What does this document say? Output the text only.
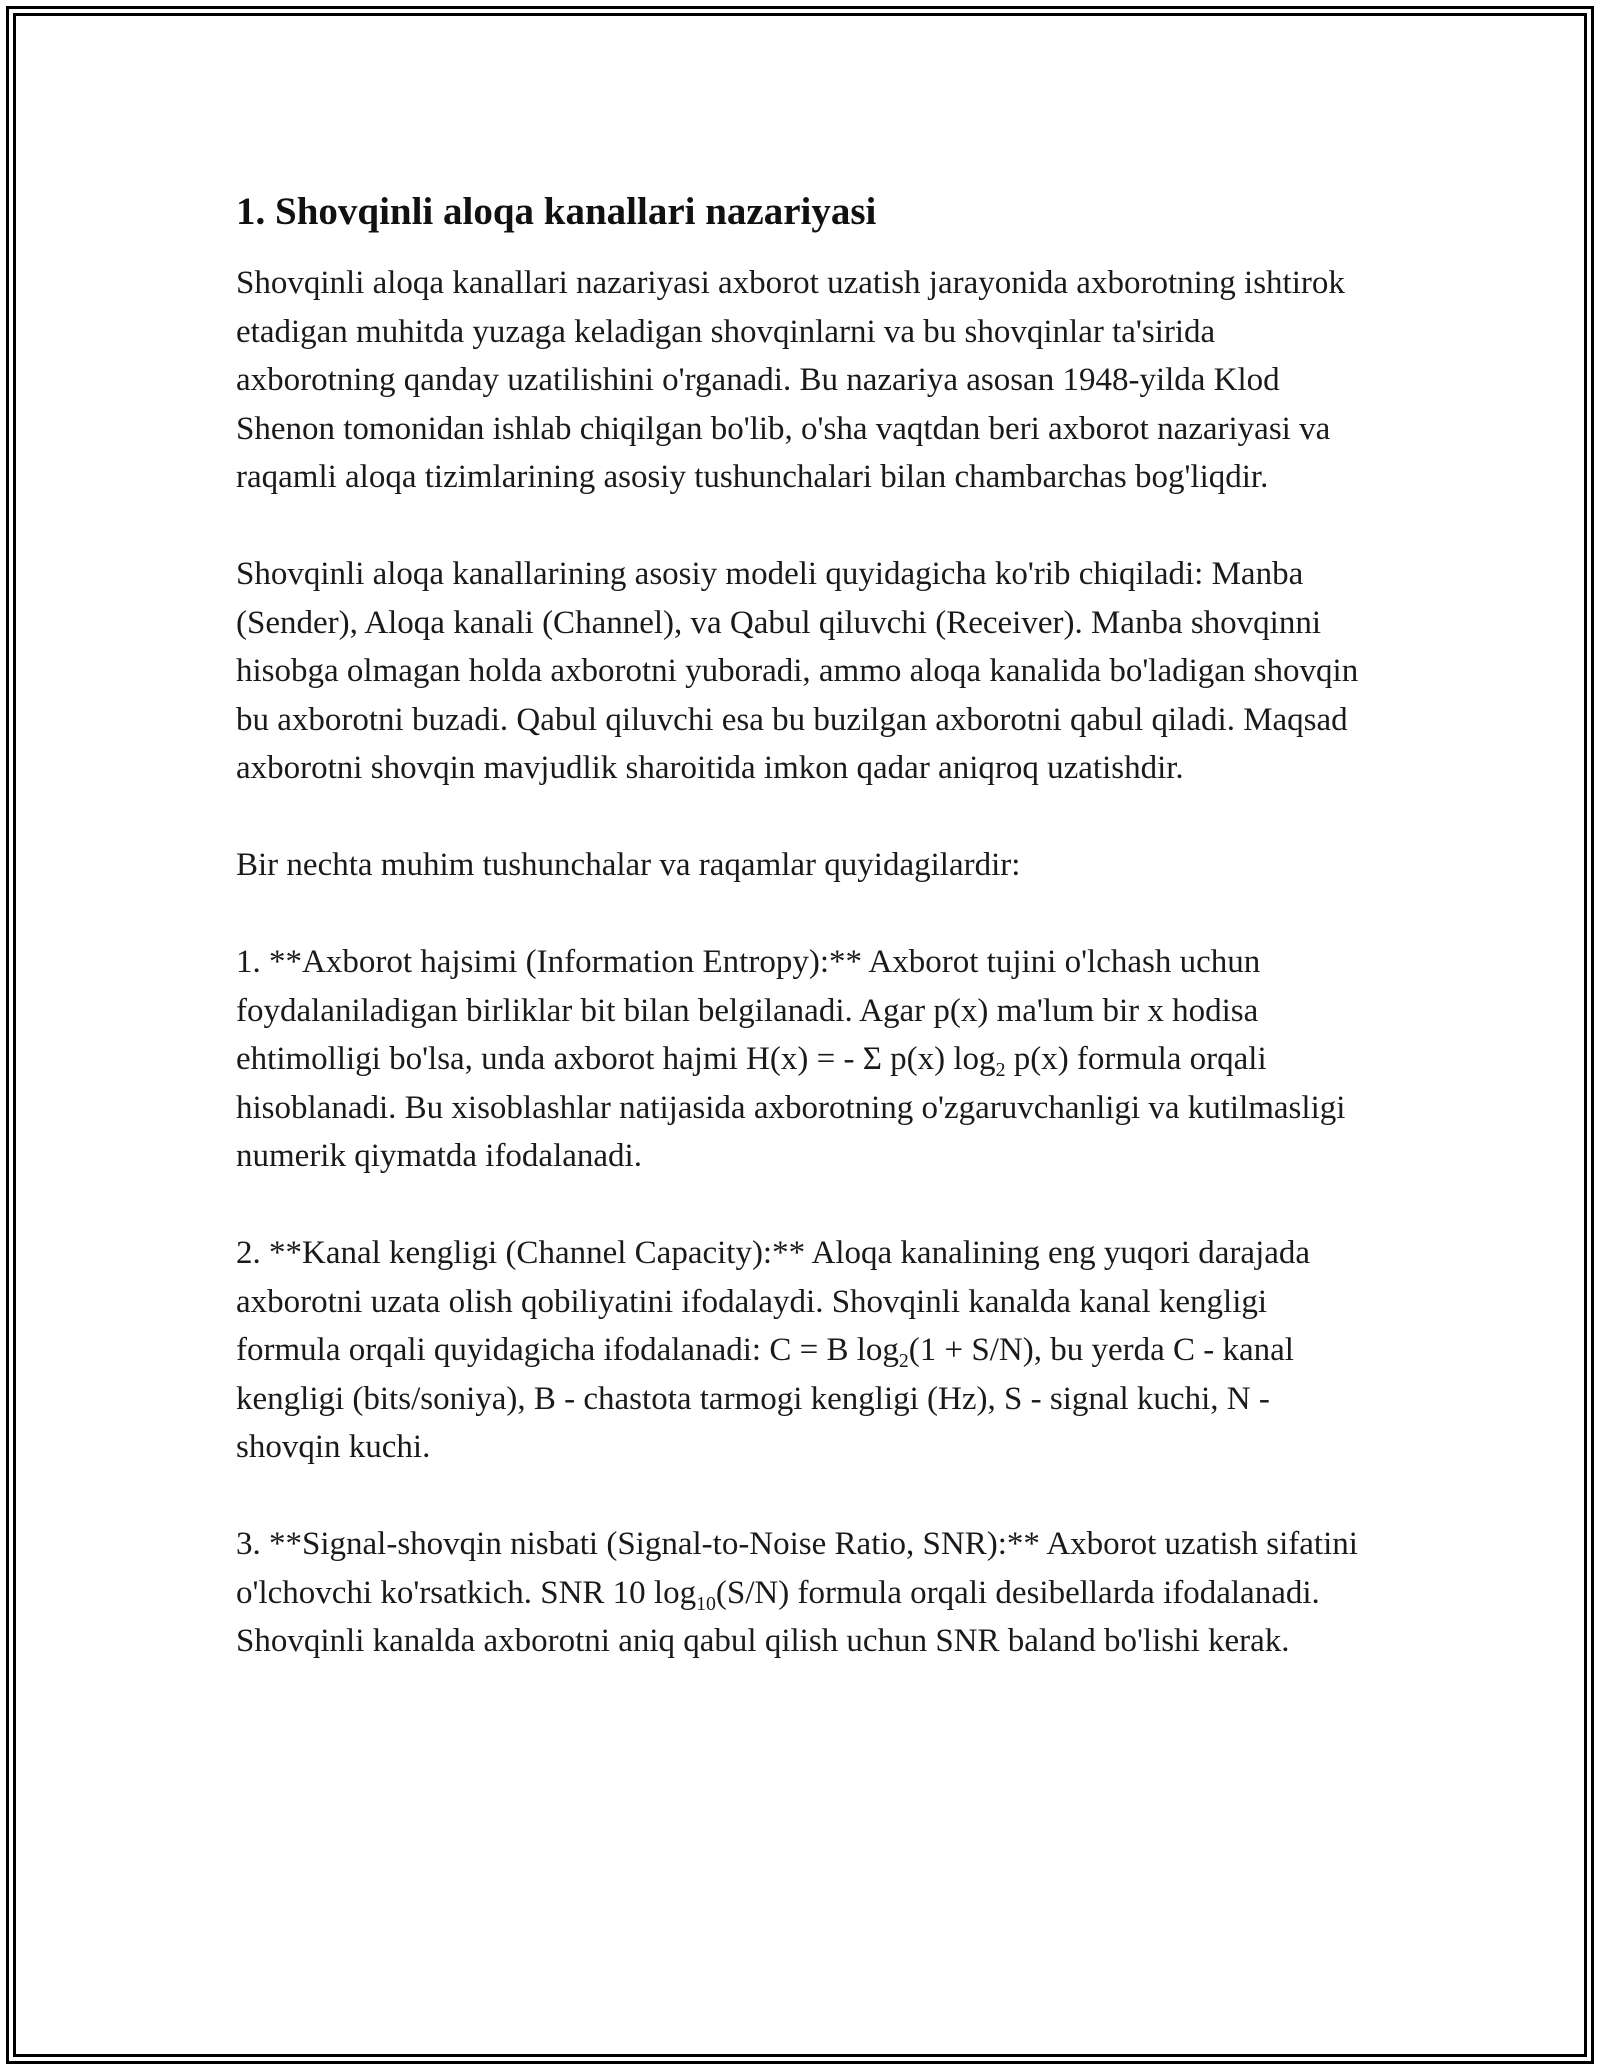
1. Shovqinli aloqa kanallari nazariyasi

Shovqinli aloqa kanallari nazariyasi axborot uzatish jarayonida axborotning ishtirok etadigan muhitda yuzaga keladigan shovqinlarni va bu shovqinlar ta'sirida axborotning qanday uzatilishini o'rganadi. Bu nazariya asosan 1948-yilda Klod Shenon tomonidan ishlab chiqilgan bo'lib, o'sha vaqtdan beri axborot nazariyasi va raqamli aloqa tizimlarining asosiy tushunchalari bilan chambarchas bog'liqdir.

Shovqinli aloqa kanallarining asosiy modeli quyidagicha ko'rib chiqiladi: Manba (Sender), Aloqa kanali (Channel), va Qabul qiluvchi (Receiver). Manba shovqinni hisobga olmagan holda axborotni yuboradi, ammo aloqa kanalida bo'ladigan shovqin bu axborotni buzadi. Qabul qiluvchi esa bu buzilgan axborotni qabul qiladi. Maqsad axborotni shovqin mavjudlik sharoitida imkon qadar aniqroq uzatishdir.

Bir nechta muhim tushunchalar va raqamlar quyidagilardir:

1. **Axborot hajsimi (Information Entropy):** Axborot tujini o'lchash uchun foydalaniladigan birliklar bit bilan belgilanadi. Agar p(x) ma'lum bir x hodisa ehtimolligi bo'lsa, unda axborot hajmi H(x) = - Σ p(x) $\log_2 p(x)$ formula orqali hisoblanadi. Bu xisoblashlar natijasida axborotning o'zgaruvchanligi va kutilmasligi numerik qiymatda ifodalanadi.

2. **Kanal kengligi (Channel Capacity):** Aloqa kanalining eng yuqori darajada axborotni uzata olish qobiliyatini ifodalaydi. Shovqinli kanalda kanal kengligi formula orqali quyidagicha ifodalanadi: C = B $\log_2(1 + S/N)$, bu yerda C - kanal kengligi (bits/soniya), B - chastota tarmogi kengligi (Hz), S - signal kuchi, N - shovqin kuchi.

3. **Signal-shovqin nisbati (Signal-to-Noise Ratio, SNR):** Axborot uzatish sifatini o'lchovchi ko'rsatkich. SNR 10 $\log_{10}(S/N)$ formula orqali desibellarda ifodalanadi. Shovqinli kanalda axborotni aniq qabul qilish uchun SNR baland bo'lishi kerak.
